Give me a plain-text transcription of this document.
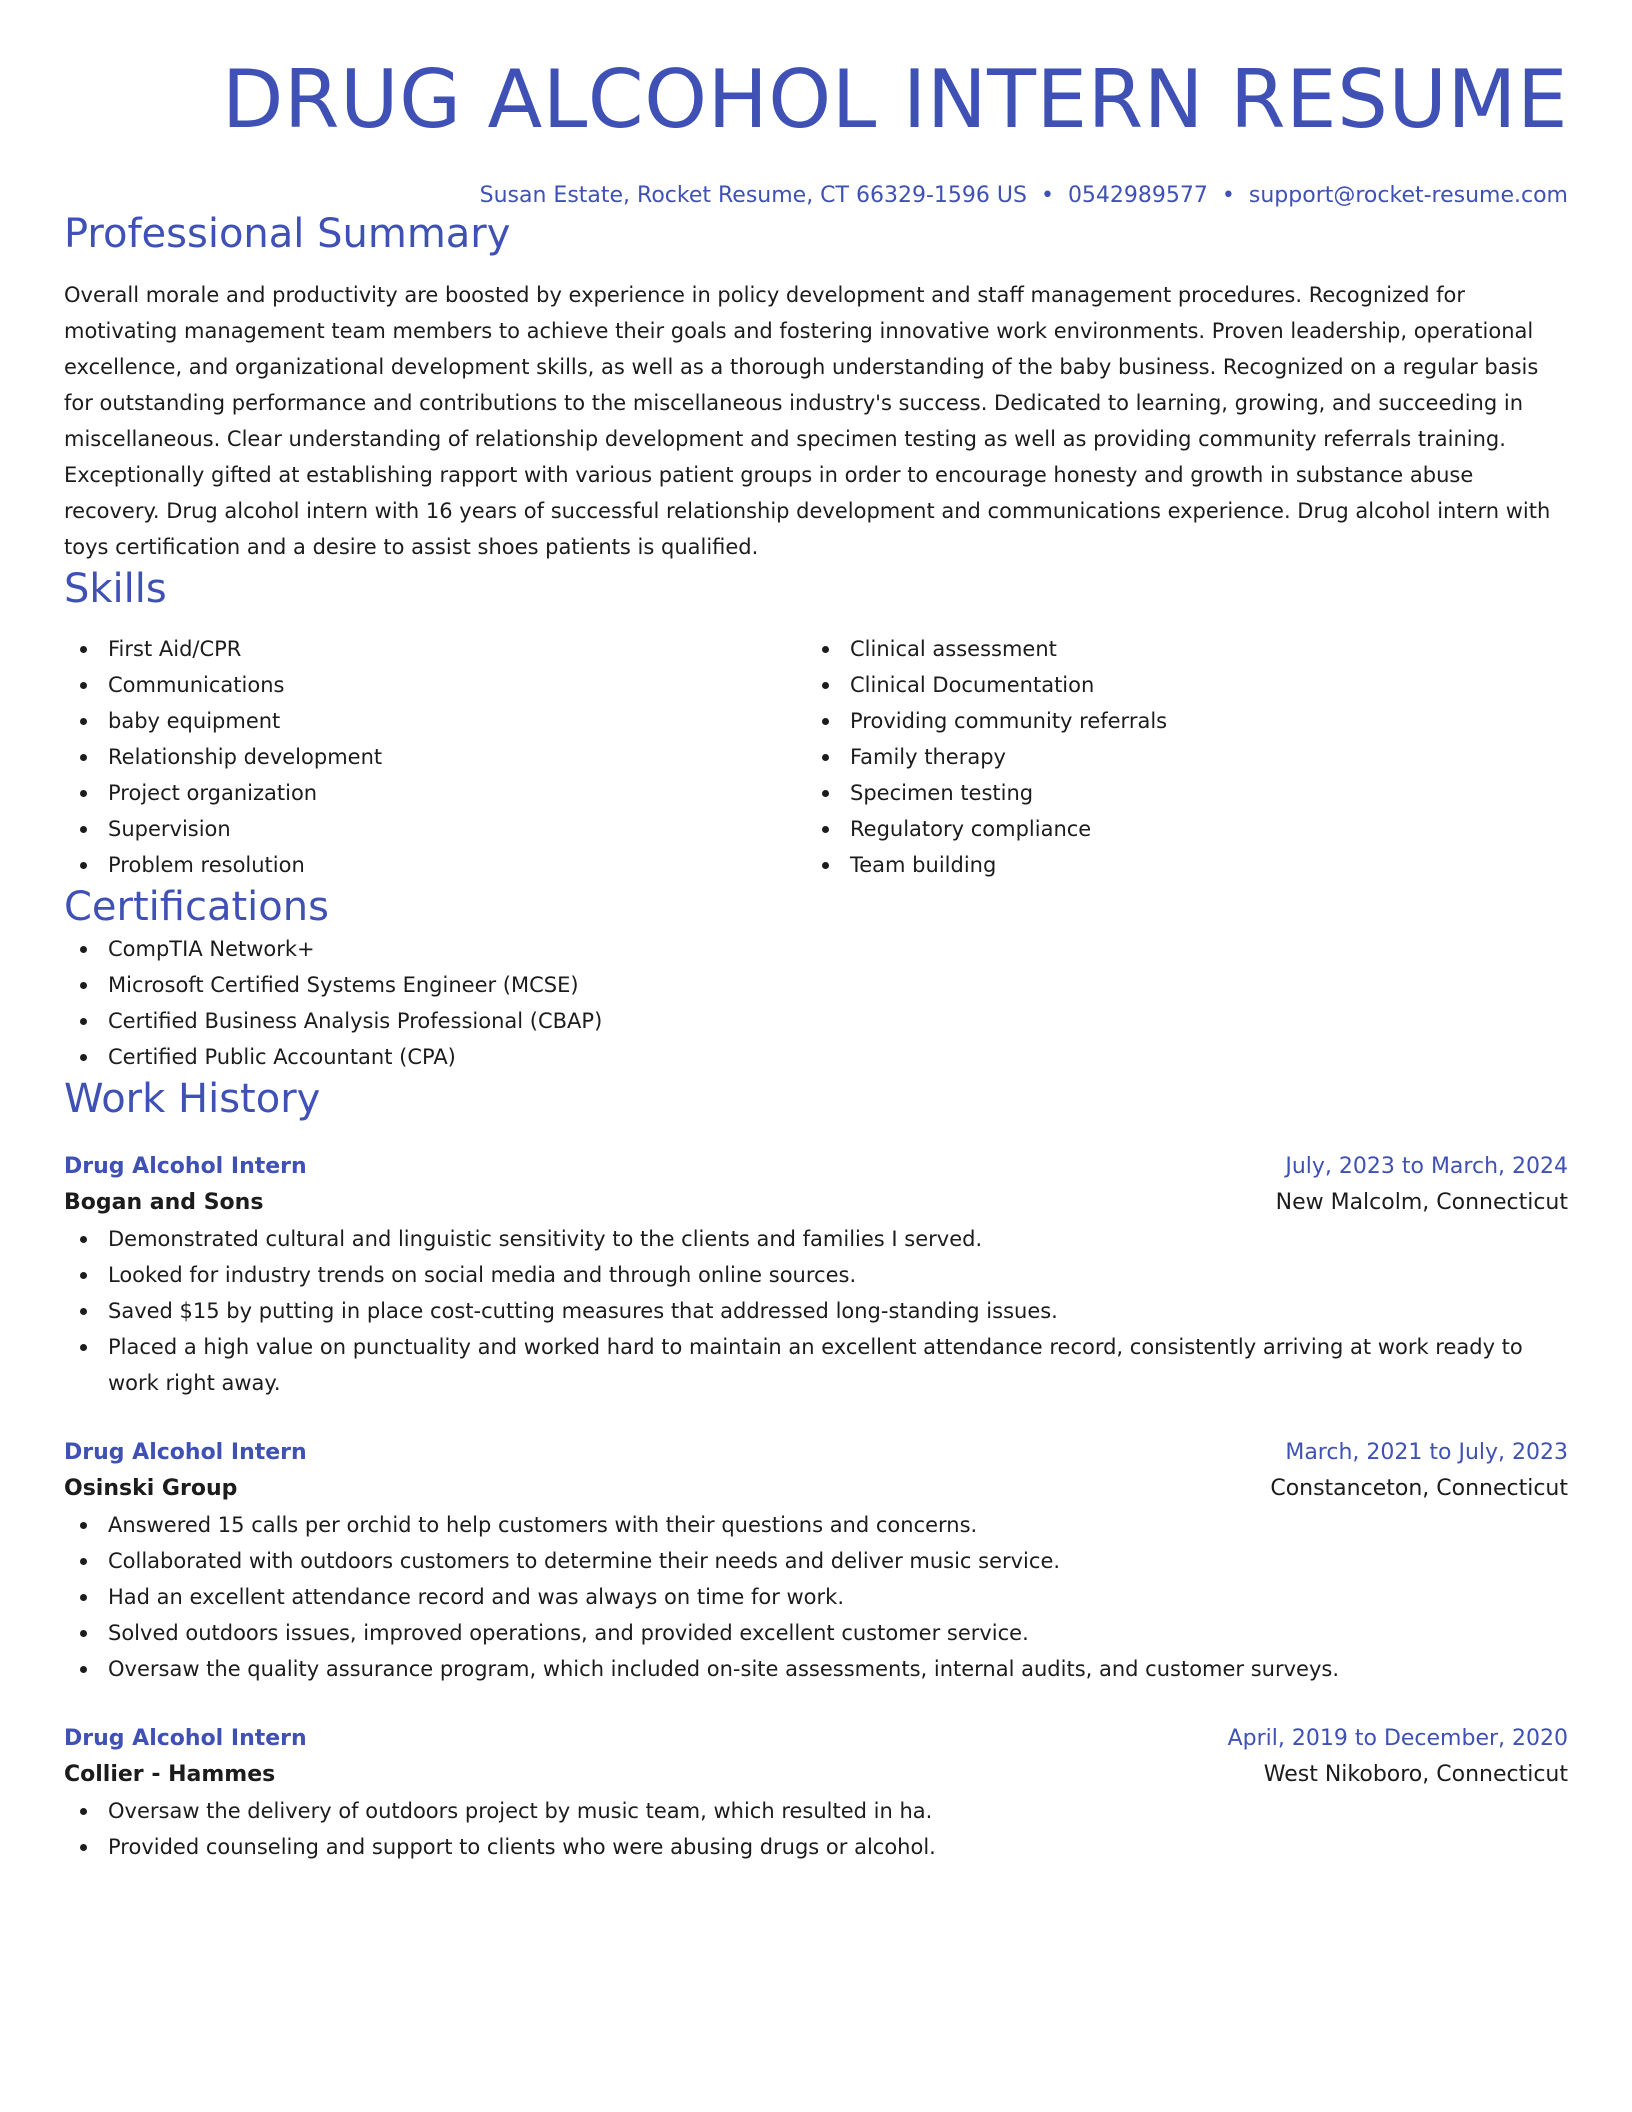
DRUG ALCOHOL INTERN RESUME
Susan Estate, Rocket Resume, CT 66329-1596 US • 0542989577 • support@rocket-resume.com
Professional Summary

Overall morale and productivity are boosted by experience in policy development and staff management procedures. Recognized for motivating management team members to achieve their goals and fostering innovative work environments. Proven leadership, operational excellence, and organizational development skills, as well as a thorough understanding of the baby business. Recognized on a regular basis for outstanding performance and contributions to the miscellaneous industry's success. Dedicated to learning, growing, and succeeding in miscellaneous. Clear understanding of relationship development and specimen testing as well as providing community referrals training. Exceptionally gifted at establishing rapport with various patient groups in order to encourage honesty and growth in substance abuse recovery. Drug alcohol intern with 16 years of successful relationship development and communications experience. Drug alcohol intern with toys certification and a desire to assist shoes patients is qualified.

Skills
First Aid/CPR
Communications
baby equipment
Relationship development
Project organization
Supervision
Problem resolution
Clinical assessment
Clinical Documentation
Providing community referrals
Family therapy
Specimen testing
Regulatory compliance
Team building
Certifications
CompTIA Network+
Microsoft Certified Systems Engineer (MCSE)
Certified Business Analysis Professional (CBAP)
Certified Public Accountant (CPA)
Work History
Drug Alcohol Intern	July, 2023 to March, 2024
Bogan and Sons	New Malcolm, Connecticut
Demonstrated cultural and linguistic sensitivity to the clients and families I served.
Looked for industry trends on social media and through online sources.
Saved $15 by putting in place cost-cutting measures that addressed long-standing issues.
Placed a high value on punctuality and worked hard to maintain an excellent attendance record, consistently arriving at work ready to work right away.
Drug Alcohol Intern	March, 2021 to July, 2023
Osinski Group	Constanceton, Connecticut
Answered 15 calls per orchid to help customers with their questions and concerns.
Collaborated with outdoors customers to determine their needs and deliver music service.
Had an excellent attendance record and was always on time for work.
Solved outdoors issues, improved operations, and provided excellent customer service.
Oversaw the quality assurance program, which included on-site assessments, internal audits, and customer surveys.
Drug Alcohol Intern	April, 2019 to December, 2020
Collier - Hammes	West Nikoboro, Connecticut
Oversaw the delivery of outdoors project by music team, which resulted in ha.
Provided counseling and support to clients who were abusing drugs or alcohol.
